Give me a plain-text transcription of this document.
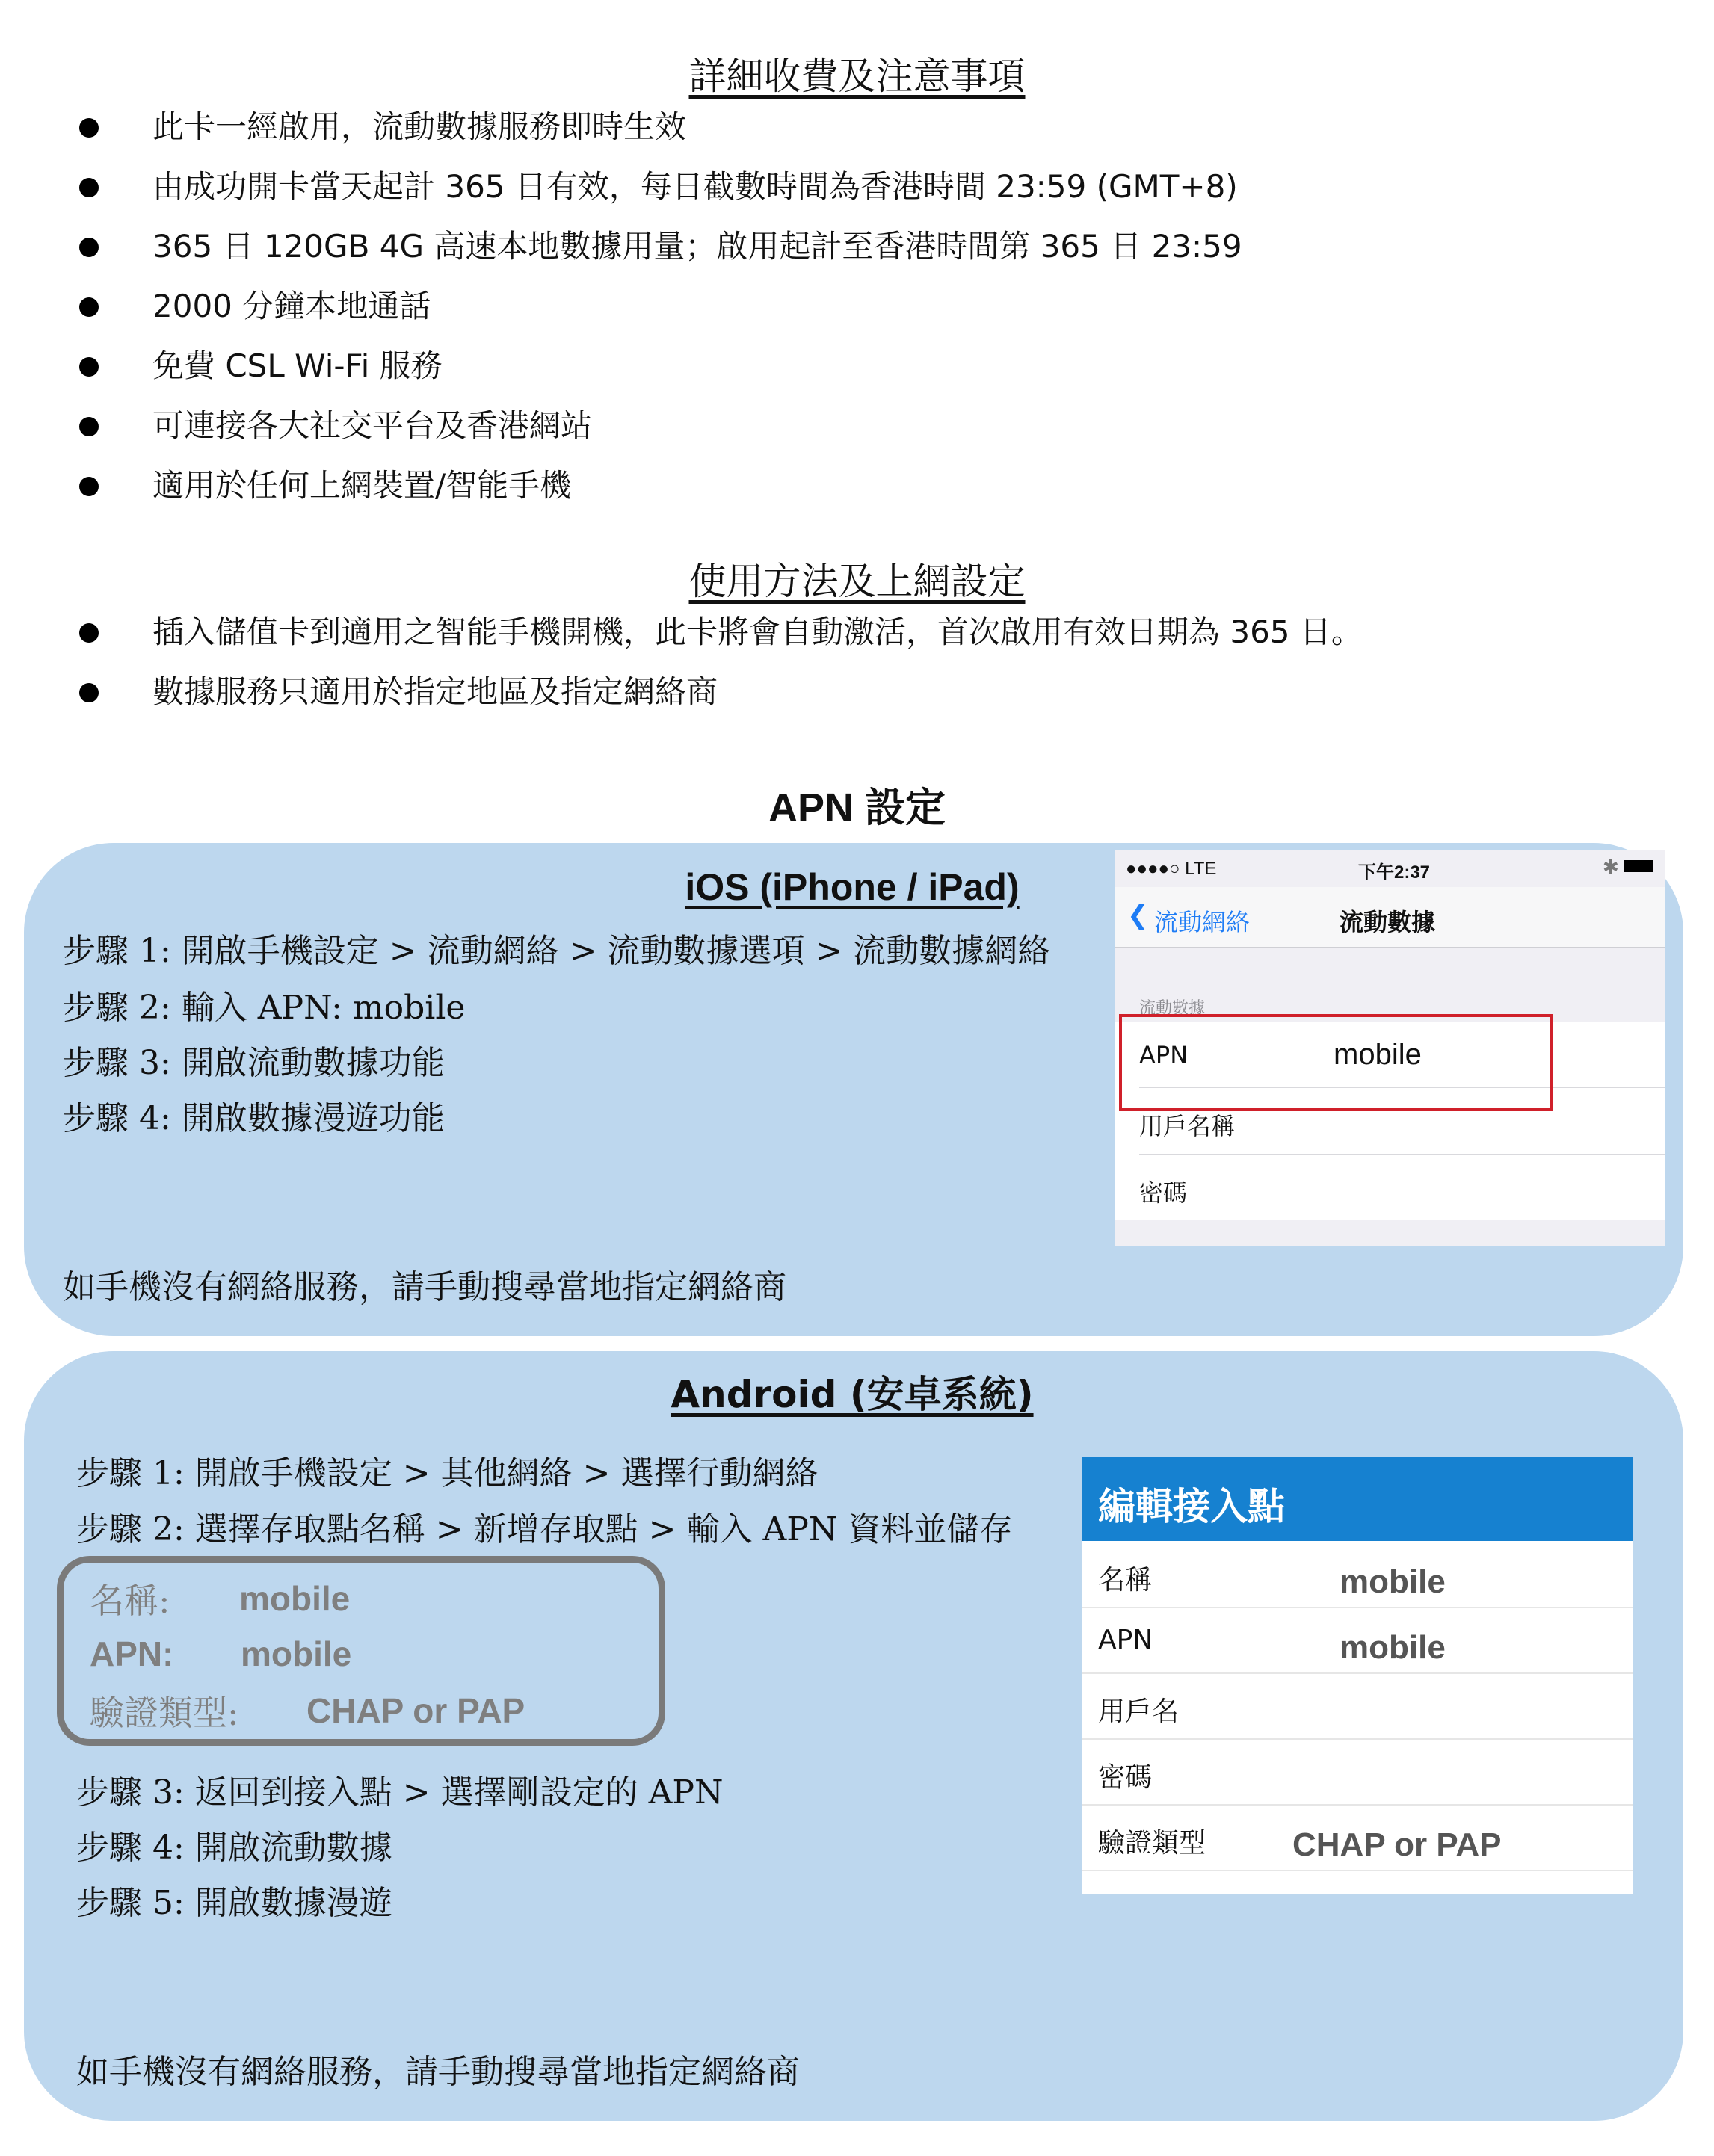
詳細收費及注意事項
此卡一經啟用，流動數據服務即時生效
由成功開卡當天起計 365 日有效，每日截數時間為香港時間 23:59 (GMT+8)
365 日 120GB 4G 高速本地數據用量；啟用起計至香港時間第 365 日 23:59
2000 分鐘本地通話
免費 CSL Wi-Fi 服務
可連接各大社交平台及香港網站
適用於任何上網裝置/智能手機
使用方法及上網設定
插入儲值卡到適用之智能手機開機，此卡將會自動激活，首次啟用有效日期為 365 日。
數據服務只適用於指定地區及指定網絡商
APN 設定
iOS (iPhone / iPad)
步驟 1: 開啟手機設定 > 流動網絡 > 流動數據選項 > 流動數據網絡
步驟 2: 輸入 APN: mobile
步驟 3: 開啟流動數據功能
步驟 4: 開啟數據漫遊功能
如手機沒有網絡服務，請手動搜尋當地指定網絡商
●●●●○ LTE	下午2:37	✱
❮ 流動網絡	流動數據
流動數據
APN	mobile
用戶名稱
密碼
Android (安卓系統)
步驟 1: 開啟手機設定 > 其他網絡 > 選擇行動網絡
步驟 2: 選擇存取點名稱 > 新增存取點 > 輸入 APN 資料並儲存
名稱: mobile
APN: mobile
驗證類型: CHAP or PAP
步驟 3: 返回到接入點 > 選擇剛設定的 APN
步驟 4: 開啟流動數據
步驟 5: 開啟數據漫遊
如手機沒有網絡服務，請手動搜尋當地指定網絡商
編輯接入點
名稱	mobile
APN	mobile
用戶名
密碼
驗證類型	CHAP or PAP
